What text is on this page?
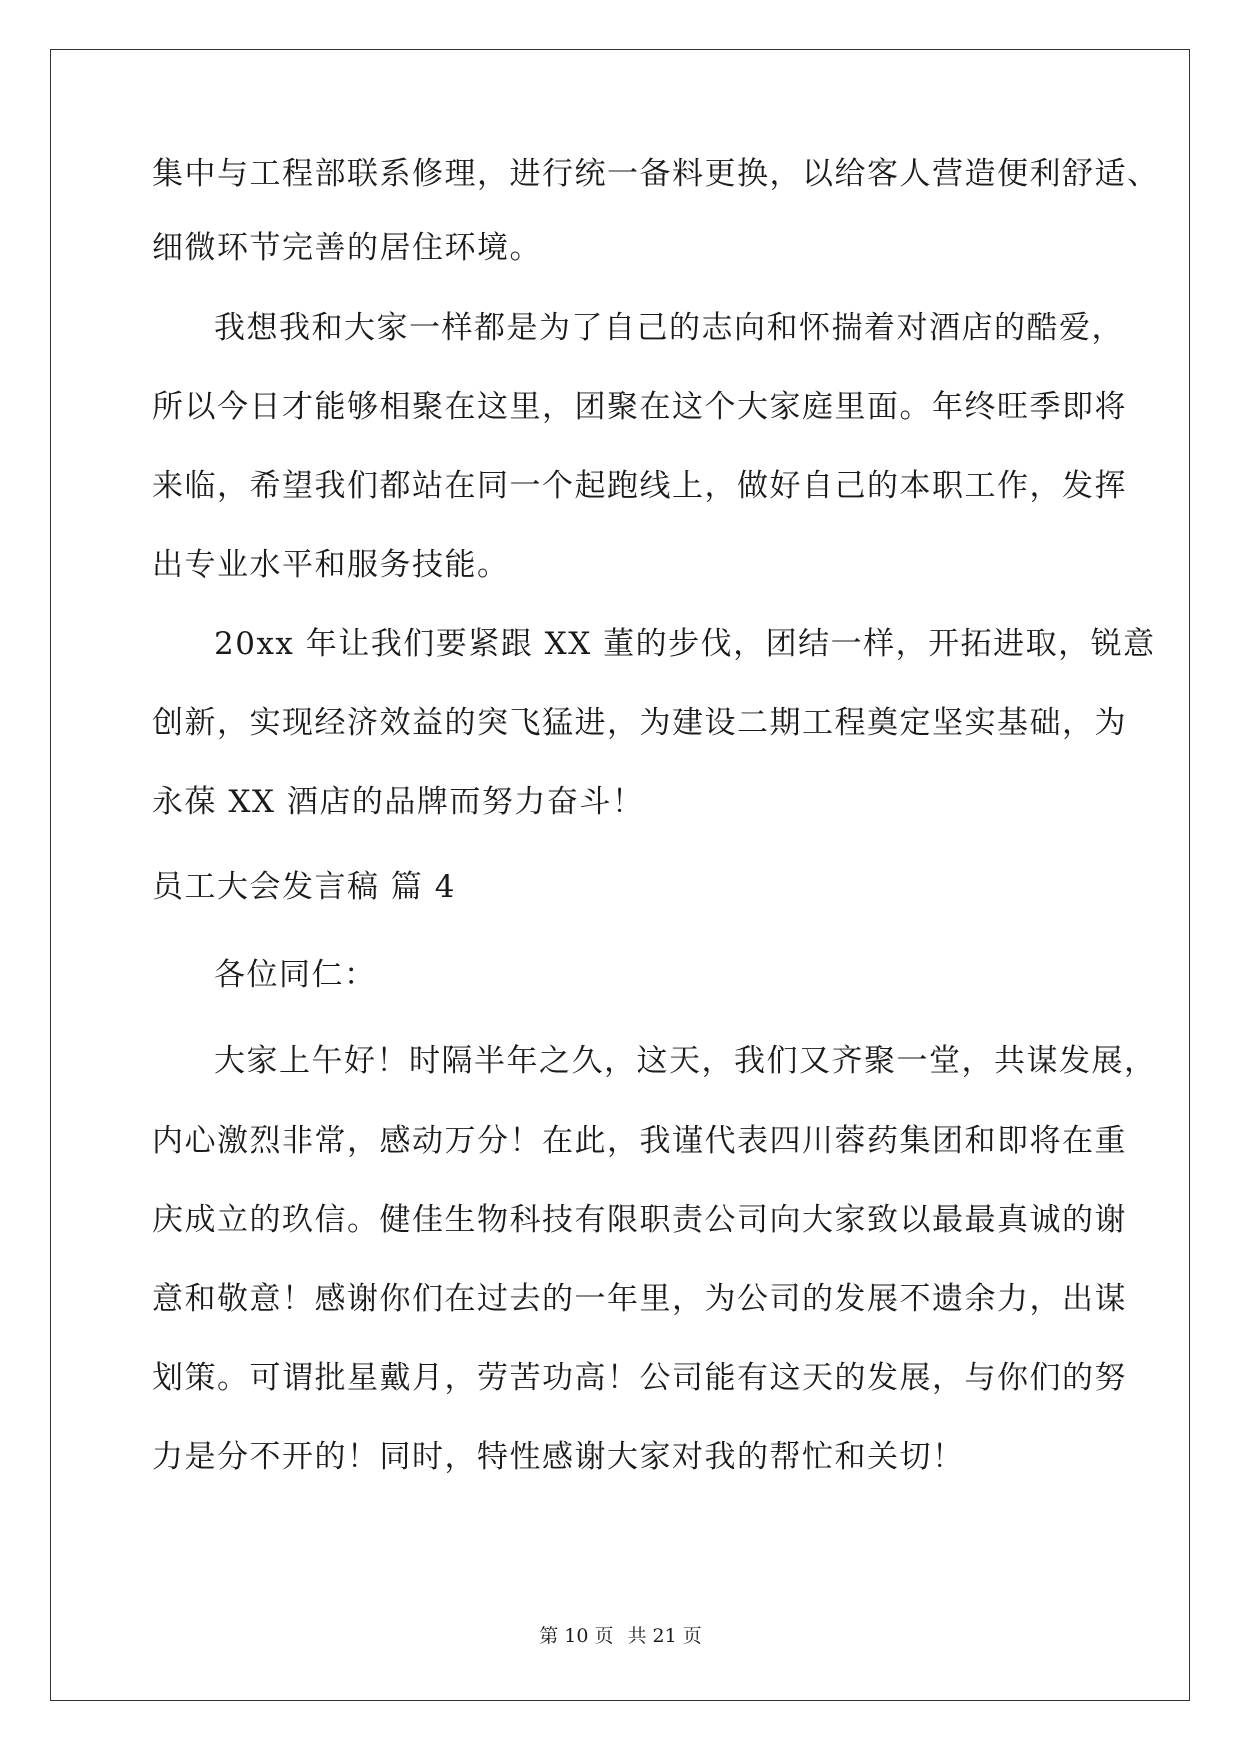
集中与工程部联系修理，进行统一备料更换，以给客人营造便利舒适、
细微环节完善的居住环境。
我想我和大家一样都是为了自己的志向和怀揣着对酒店的酷爱，
所以今日才能够相聚在这里，团聚在这个大家庭里面。年终旺季即将
来临，希望我们都站在同一个起跑线上，做好自己的本职工作，发挥
出专业水平和服务技能。
20xx 年让我们要紧跟 XX 董的步伐，团结一样，开拓进取，锐意
创新，实现经济效益的突飞猛进，为建设二期工程奠定坚实基础，为
永葆 XX 酒店的品牌而努力奋斗！
员工大会发言稿 篇 4
各位同仁：
大家上午好！时隔半年之久，这天，我们又齐聚一堂，共谋发展，
内心激烈非常，感动万分！在此，我谨代表四川蓉药集团和即将在重
庆成立的玖信。健佳生物科技有限职责公司向大家致以最最真诚的谢
意和敬意！感谢你们在过去的一年里，为公司的发展不遗余力，出谋
划策。可谓批星戴月，劳苦功高！公司能有这天的发展，与你们的努
力是分不开的！同时，特性感谢大家对我的帮忙和关切！
第 10 页 共 21 页
